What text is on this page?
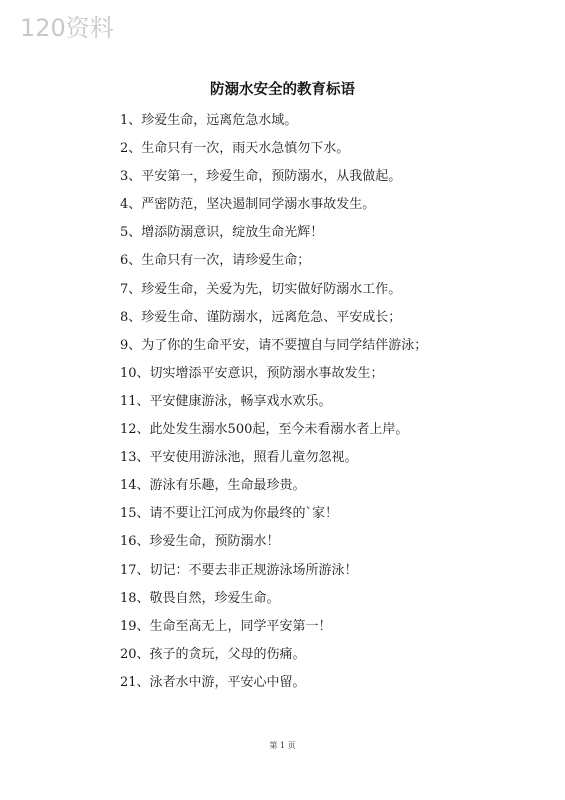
120资料
防溺水安全的教育标语
1、珍爱生命，远离危急水域。
2、生命只有一次，雨天水急慎勿下水。
3、平安第一，珍爱生命，预防溺水，从我做起。
4、严密防范，坚决遏制同学溺水事故发生。
5、增添防溺意识，绽放生命光辉！
6、生命只有一次，请珍爱生命；
7、珍爱生命，关爱为先，切实做好防溺水工作。
8、珍爱生命、谨防溺水，远离危急、平安成长；
9、为了你的生命平安，请不要擅自与同学结伴游泳；
10、切实增添平安意识，预防溺水事故发生；
11、平安健康游泳，畅享戏水欢乐。
12、此处发生溺水500起，至今未看溺水者上岸。
13、平安使用游泳池，照看儿童勿忽视。
14、游泳有乐趣，生命最珍贵。
15、请不要让江河成为你最终的`家！
16、珍爱生命，预防溺水！
17、切记：不要去非正规游泳场所游泳！
18、敬畏自然，珍爱生命。
19、生命至高无上，同学平安第一！
20、孩子的贪玩，父母的伤痛。
21、泳者水中游，平安心中留。
第 1 页
